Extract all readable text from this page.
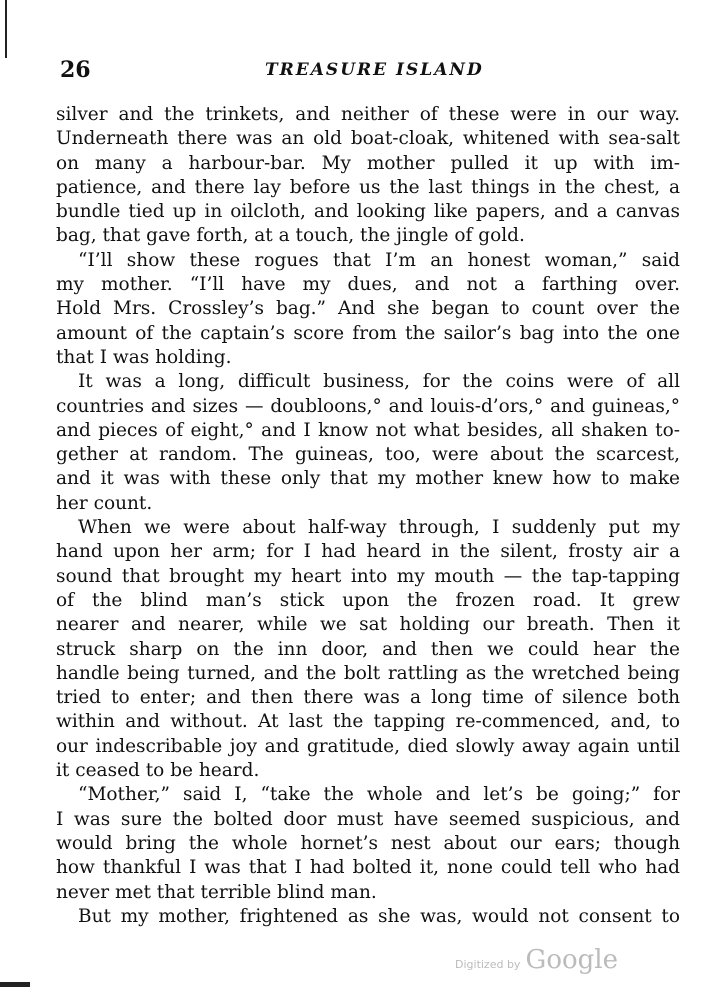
26	TREASURE ISLAND
silver and the trinkets, and neither of these were in our way.
Underneath there was an old boat-cloak, whitened with sea-salt
on many a harbour-bar. My mother pulled it up with im-
patience, and there lay before us the last things in the chest, a
bundle tied up in oilcloth, and looking like papers, and a canvas
bag, that gave forth, at a touch, the jingle of gold.
“I’ll show these rogues that I’m an honest woman,” said
my mother. “I’ll have my dues, and not a farthing over.
Hold Mrs. Crossley’s bag.” And she began to count over the
amount of the captain’s score from the sailor’s bag into the one
that I was holding.
It was a long, difficult business, for the coins were of all
countries and sizes — doubloons,° and louis-d’ors,° and guineas,°
and pieces of eight,° and I know not what besides, all shaken to-
gether at random. The guineas, too, were about the scarcest,
and it was with these only that my mother knew how to make
her count.
When we were about half-way through, I suddenly put my
hand upon her arm; for I had heard in the silent, frosty air a
sound that brought my heart into my mouth — the tap-tapping
of the blind man’s stick upon the frozen road. It grew
nearer and nearer, while we sat holding our breath. Then it
struck sharp on the inn door, and then we could hear the
handle being turned, and the bolt rattling as the wretched being
tried to enter; and then there was a long time of silence both
within and without. At last the tapping re-commenced, and, to
our indescribable joy and gratitude, died slowly away again until
it ceased to be heard.
“Mother,” said I, “take the whole and let’s be going;” for
I was sure the bolted door must have seemed suspicious, and
would bring the whole hornet’s nest about our ears; though
how thankful I was that I had bolted it, none could tell who had
never met that terrible blind man.
But my mother, frightened as she was, would not consent to
Digitized by Google
